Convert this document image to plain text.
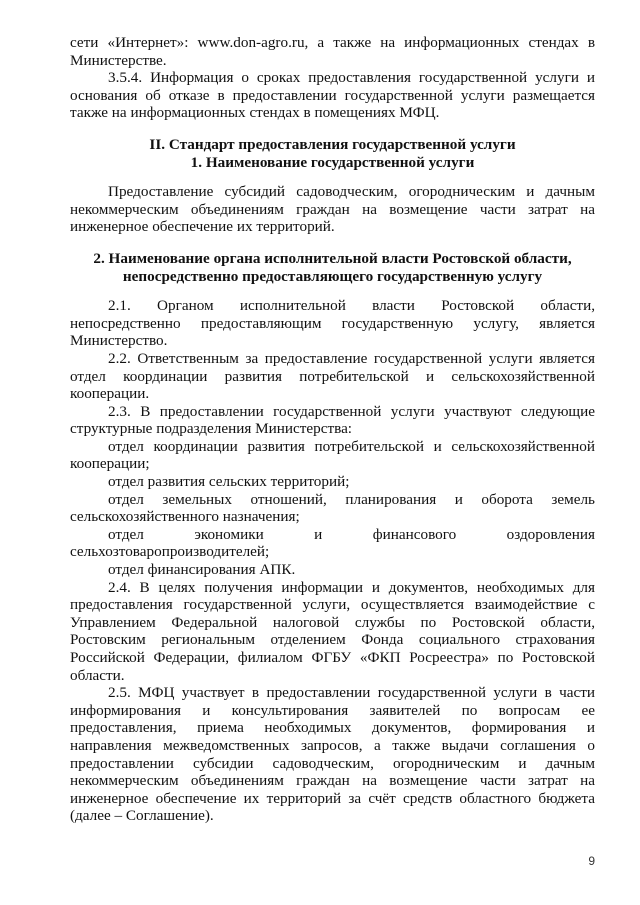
сети «Интернет»: www.don-agro.ru, а также на информационных стендах в Министерстве.

3.5.4. Информация о сроках предоставления государственной услуги и основания об отказе в предоставлении государственной услуги размещается также на информационных стендах в помещениях МФЦ.

II. Стандарт предоставления государственной услуги

1. Наименование государственной услуги

Предоставление субсидий садоводческим, огородническим и дачным некоммерческим объединениям граждан на возмещение части затрат на инженерное обеспечение их территорий.

2. Наименование органа исполнительной власти Ростовской области, непосредственно предоставляющего государственную услугу

2.1. Органом исполнительной власти Ростовской области, непосредственно предоставляющим государственную услугу, является Министерство.

2.2. Ответственным за предоставление государственной услуги является отдел координации развития потребительской и сельскохозяйственной кооперации.

2.3. В предоставлении государственной услуги участвуют следующие структурные подразделения Министерства:

отдел координации развития потребительской и сельскохозяйственной кооперации;

отдел развития сельских территорий;

отдел земельных отношений, планирования и оборота земель сельскохозяйственного назначения;

отдел экономики и финансового оздоровления сельхозтоваропроизводителей;

отдел финансирования АПК.

2.4. В целях получения информации и документов, необходимых для предоставления государственной услуги, осуществляется взаимодействие с Управлением Федеральной налоговой службы по Ростовской области, Ростовским региональным отделением Фонда социального страхования Российской Федерации, филиалом ФГБУ «ФКП Росреестра» по Ростовской области.

2.5. МФЦ участвует в предоставлении государственной услуги в части информирования и консультирования заявителей по вопросам ее предоставления, приема необходимых документов, формирования и направления межведомственных запросов, а также выдачи соглашения о предоставлении субсидии садоводческим, огородническим и дачным некоммерческим объединениям граждан на возмещение части затрат на инженерное обеспечение их территорий за счёт средств областного бюджета (далее – Соглашение).

9
